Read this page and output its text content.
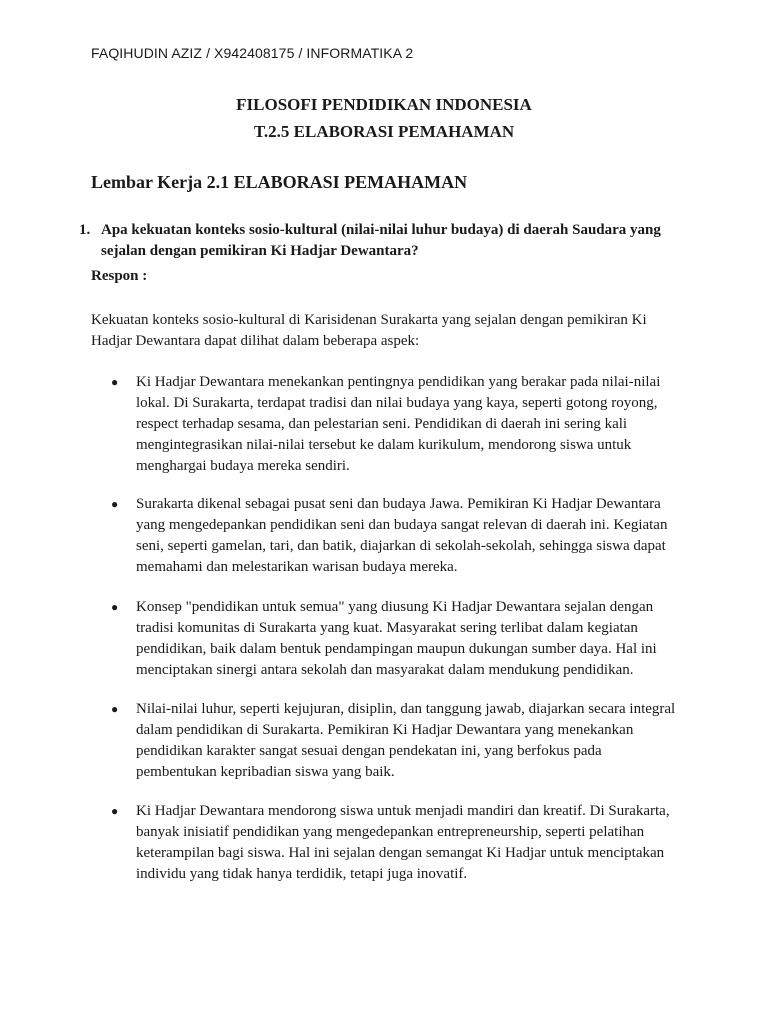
FAQIHUDIN AZIZ / X942408175 / INFORMATIKA 2
FILOSOFI PENDIDIKAN INDONESIA
T.2.5 ELABORASI PEMAHAMAN
Lembar Kerja 2.1 ELABORASI PEMAHAMAN
1. Apa kekuatan konteks sosio-kultural (nilai-nilai luhur budaya) di daerah Saudara yang sejalan dengan pemikiran Ki Hadjar Dewantara?
Respon :
Kekuatan konteks sosio-kultural di Karisidenan Surakarta yang sejalan dengan pemikiran Ki Hadjar Dewantara dapat dilihat dalam beberapa aspek:
● Ki Hadjar Dewantara menekankan pentingnya pendidikan yang berakar pada nilai-nilai lokal. Di Surakarta, terdapat tradisi dan nilai budaya yang kaya, seperti gotong royong, respect terhadap sesama, dan pelestarian seni. Pendidikan di daerah ini sering kali mengintegrasikan nilai-nilai tersebut ke dalam kurikulum, mendorong siswa untuk menghargai budaya mereka sendiri.
● Surakarta dikenal sebagai pusat seni dan budaya Jawa. Pemikiran Ki Hadjar Dewantara yang mengedepankan pendidikan seni dan budaya sangat relevan di daerah ini. Kegiatan seni, seperti gamelan, tari, dan batik, diajarkan di sekolah-sekolah, sehingga siswa dapat memahami dan melestarikan warisan budaya mereka.
● Konsep "pendidikan untuk semua" yang diusung Ki Hadjar Dewantara sejalan dengan tradisi komunitas di Surakarta yang kuat. Masyarakat sering terlibat dalam kegiatan pendidikan, baik dalam bentuk pendampingan maupun dukungan sumber daya. Hal ini menciptakan sinergi antara sekolah dan masyarakat dalam mendukung pendidikan.
● Nilai-nilai luhur, seperti kejujuran, disiplin, dan tanggung jawab, diajarkan secara integral dalam pendidikan di Surakarta. Pemikiran Ki Hadjar Dewantara yang menekankan pendidikan karakter sangat sesuai dengan pendekatan ini, yang berfokus pada pembentukan kepribadian siswa yang baik.
● Ki Hadjar Dewantara mendorong siswa untuk menjadi mandiri dan kreatif. Di Surakarta, banyak inisiatif pendidikan yang mengedepankan entrepreneurship, seperti pelatihan keterampilan bagi siswa. Hal ini sejalan dengan semangat Ki Hadjar untuk menciptakan individu yang tidak hanya terdidik, tetapi juga inovatif.
